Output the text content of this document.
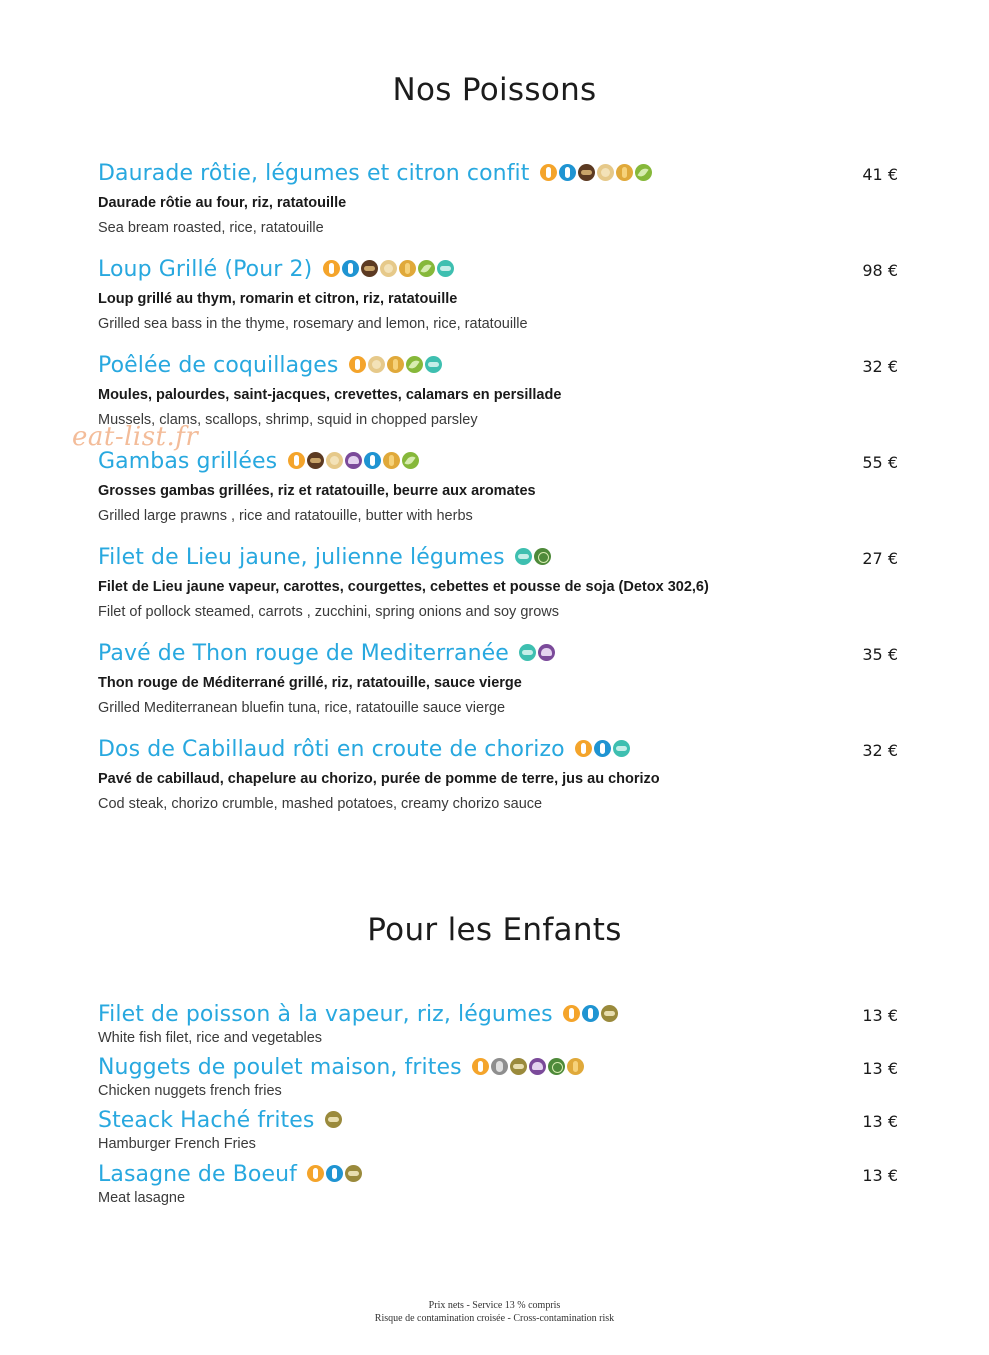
Nos Poissons
Daurade rôtie, légumes et citron confit	41 €
Daurade rôtie au four, riz, ratatouille
Sea bream roasted, rice, ratatouille
Loup Grillé (Pour 2)	98 €
Loup grillé au thym, romarin et citron, riz, ratatouille
Grilled sea bass in the thyme, rosemary and lemon, rice, ratatouille
Poêlée de coquillages	32 €
Moules, palourdes, saint-jacques, crevettes, calamars en persillade
Mussels, clams, scallops, shrimp, squid in chopped parsley
Gambas grillées	55 €
Grosses gambas grillées, riz et ratatouille, beurre aux aromates
Grilled large prawns , rice and ratatouille, butter with herbs
Filet de Lieu jaune, julienne légumes	27 €
Filet de Lieu jaune vapeur, carottes, courgettes, cebettes et pousse de soja (Detox 302,6)
Filet of pollock steamed, carrots , zucchini, spring onions and soy grows
Pavé de Thon rouge de Mediterranée	35 €
Thon rouge de Méditerrané grillé, riz, ratatouille, sauce vierge
Grilled Mediterranean bluefin tuna, rice, ratatouille sauce vierge
Dos de Cabillaud rôti en croute de chorizo	32 €
Pavé de cabillaud, chapelure au chorizo, purée de pomme de terre, jus au chorizo
Cod steak, chorizo crumble, mashed potatoes, creamy chorizo sauce
eat-list.fr
Pour les Enfants
Filet de poisson à la vapeur, riz, légumes	13 €
White fish filet, rice and vegetables
Nuggets de poulet maison, frites	13 €
Chicken nuggets french fries
Steack Haché frites	13 €
Hamburger French Fries
Lasagne de Boeuf	13 €
Meat lasagne
Prix nets - Service 13 % compris
Risque de contamination croisée - Cross-contamination risk
